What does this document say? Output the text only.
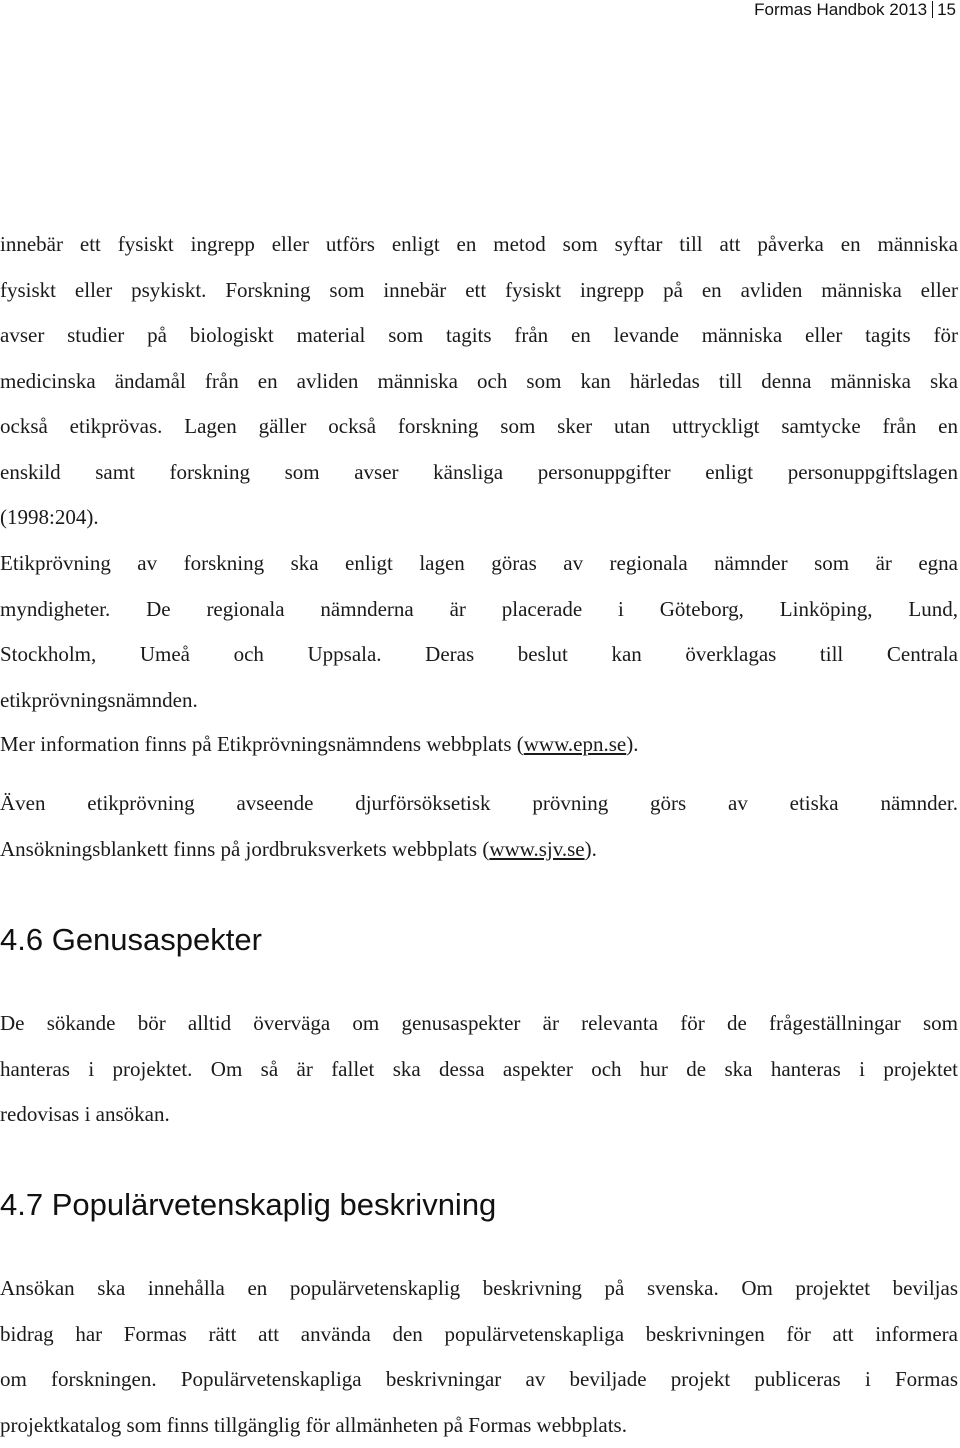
Formas Handbok 2013 15
innebär ett fysiskt ingrepp eller utförs enligt en metod som syftar till att påverka en människa
fysiskt eller psykiskt. Forskning som innebär ett fysiskt ingrepp på en avliden människa eller
avser studier på biologiskt material som tagits från en levande människa eller tagits för
medicinska ändamål från en avliden människa och som kan härledas till denna människa ska
också etikprövas. Lagen gäller också forskning som sker utan uttryckligt samtycke från en
enskild samt forskning som avser känsliga personuppgifter enligt personuppgiftslagen
(1998:204).
Etikprövning av forskning ska enligt lagen göras av regionala nämnder som är egna
myndigheter. De regionala nämnderna är placerade i Göteborg, Linköping, Lund,
Stockholm, Umeå och Uppsala. Deras beslut kan överklagas till Centrala
etikprövningsnämnden.
Mer information finns på Etikprövningsnämndens webbplats (www.epn.se).
Även etikprövning avseende djurförsöksetisk prövning görs av etiska nämnder.
Ansökningsblankett finns på jordbruksverkets webbplats (www.sjv.se).
4.6 Genusaspekter
De sökande bör alltid överväga om genusaspekter är relevanta för de frågeställningar som
hanteras i projektet. Om så är fallet ska dessa aspekter och hur de ska hanteras i projektet
redovisas i ansökan.
4.7 Populärvetenskaplig beskrivning
Ansökan ska innehålla en populärvetenskaplig beskrivning på svenska. Om projektet beviljas
bidrag har Formas rätt att använda den populärvetenskapliga beskrivningen för att informera
om forskningen. Populärvetenskapliga beskrivningar av beviljade projekt publiceras i Formas
projektkatalog som finns tillgänglig för allmänheten på Formas webbplats.
